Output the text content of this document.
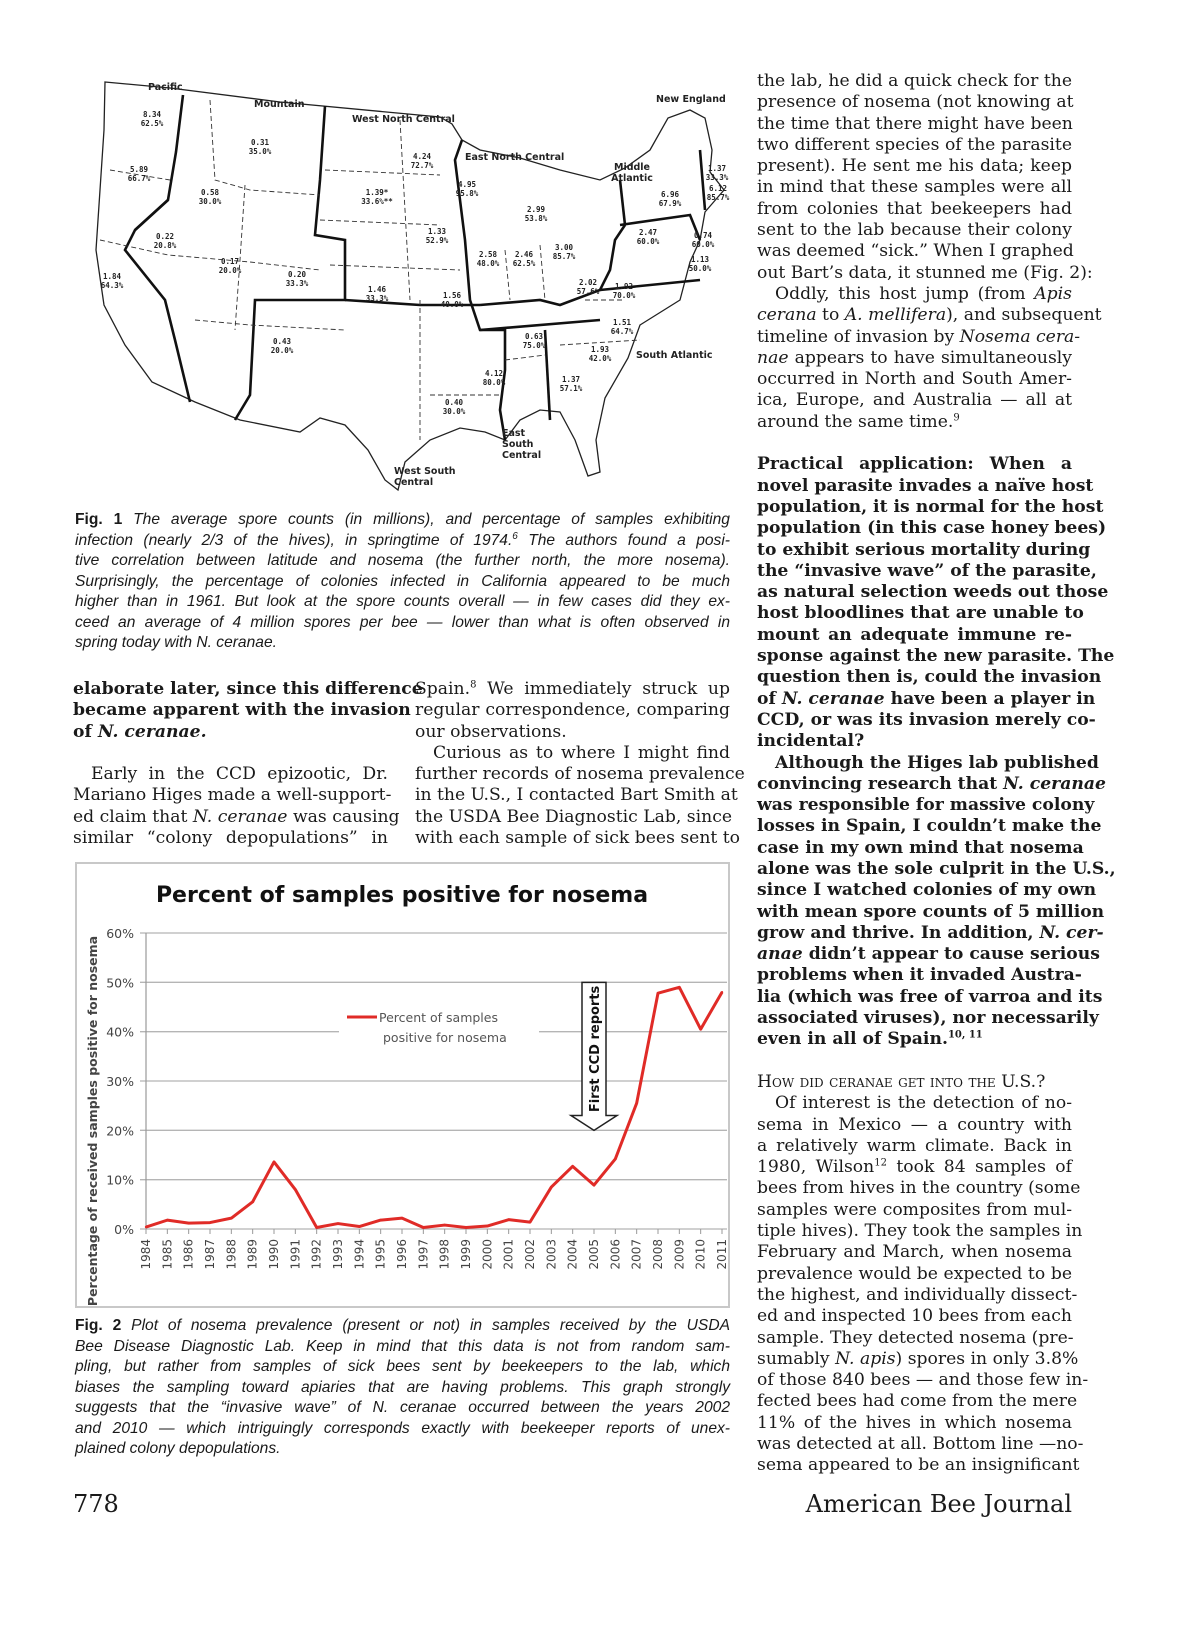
Pacific
Mountain
West North Central
East North Central
Middle Atlantic
New England
South Atlantic
East South Central
West South Central
8.34
62.5%
5.89
66.7%
1.84
64.3%
0.22
20.8%
0.58
30.0%
0.31
35.0%
0.17
20.0%	0.20
33.3%
0.43
20.0%
1.39*
33.6%**
4.24
72.7%
1.33
52.9%
1.46
33.3%	1.56
40.0%
4.95
95.8%
2.99
53.8%
2.58
48.0%
2.46
62.5%
3.00
85.7%
6.96
67.9%
2.47
60.0%
1.37
33.3%
6.12
85.7%
0.74
60.0%
1.13
50.0%
2.02
57.6%
1.92
70.0%
1.51
64.7%
1.93
42.0%
0.63
75.0%
4.12
80.0%	1.37
57.1%
0.40
30.0%
Fig. 1 The average spore counts (in millions), and percentage of samples exhibiting
infection (nearly 2/3 of the hives), in springtime of 1974.$^6$ The authors found a posi-
tive correlation between latitude and nosema (the further north, the more nosema).
Surprisingly, the percentage of colonies infected in California appeared to be much
higher than in 1961. But look at the spore counts overall — in few cases did they ex-
ceed an average of 4 million spores per bee — lower than what is often observed in
spring today with N. ceranae.
elaborate later, since this difference
became apparent with the invasion
of N. ceranae.
Early in the CCD epizootic, Dr.
Mariano Higes made a well-support-
ed claim that N. ceranae was causing
similar “colony depopulations” in
Spain.$^8$ We immediately struck up
regular correspondence, comparing
our observations.
Curious as to where I might find
further records of nosema prevalence
in the U.S., I contacted Bart Smith at
the USDA Bee Diagnostic Lab, since
with each sample of sick bees sent to
the lab, he did a quick check for the
presence of nosema (not knowing at
the time that there might have been
two different species of the parasite
present). He sent me his data; keep
in mind that these samples were all
from colonies that beekeepers had
sent to the lab because their colony
was deemed “sick.” When I graphed
out Bart’s data, it stunned me (Fig. 2):
Oddly, this host jump (from Apis
cerana to A. mellifera), and subsequent
timeline of invasion by Nosema cera-
nae appears to have simultaneously
occurred in North and South Amer-
ica, Europe, and Australia — all at
around the same time.$^9$
Practical application: When a
novel parasite invades a naïve host
population, it is normal for the host
population (in this case honey bees)
to exhibit serious mortality during
the “invasive wave” of the parasite,
as natural selection weeds out those
host bloodlines that are unable to
mount an adequate immune re-
sponse against the new parasite. The
question then is, could the invasion
of N. ceranae have been a player in
CCD, or was its invasion merely co-
incidental?
Although the Higes lab published
convincing research that N. ceranae
was responsible for massive colony
losses in Spain, I couldn’t make the
case in my own mind that nosema
alone was the sole culprit in the U.S.,
since I watched colonies of my own
with mean spore counts of 5 million
grow and thrive. In addition, N. cer-
anae didn’t appear to cause serious
problems when it invaded Austra-
lia (which was free of varroa and its
associated viruses), nor necessarily
even in all of Spain.$^{10, 11}$
How did ceranae get into the U.S.?
Of interest is the detection of no-
sema in Mexico — a country with
a relatively warm climate. Back in
1980, Wilson$^{12}$ took 84 samples of
bees from hives in the country (some
samples were composites from mul-
tiple hives). They took the samples in
February and March, when nosema
prevalence would be expected to be
the highest, and individually dissect-
ed and inspected 10 bees from each
sample. They detected nosema (pre-
sumably N. apis) spores in only 3.8%
of those 840 bees — and those few in-
fected bees had come from the mere
11% of the hives in which nosema
was detected at all. Bottom line —no-
sema appeared to be an insignificant
Percent of samples positive for nosema
0%
10%
20%
30%
40%
50%
60%
Percentage of received samples positive for nosema	1984 1985 1986 1987 1988 1989 1990 1991 1992 1993 1994 1995 1996 1997 1998 1999 2000 2001 2002 2003 2004 2005 2006 2007 2008 2009 2010 2011
Percent of samples
positive for nosema	First CCD reports
Fig. 2 Plot of nosema prevalence (present or not) in samples received by the USDA
Bee Disease Diagnostic Lab. Keep in mind that this data is not from random sam-
pling, but rather from samples of sick bees sent by beekeepers to the lab, which
biases the sampling toward apiaries that are having problems. This graph strongly
suggests that the “invasive wave” of N. ceranae occurred between the years 2002
and 2010 — which intriguingly corresponds exactly with beekeeper reports of unex-
plained colony depopulations.
778	American Bee Journal
